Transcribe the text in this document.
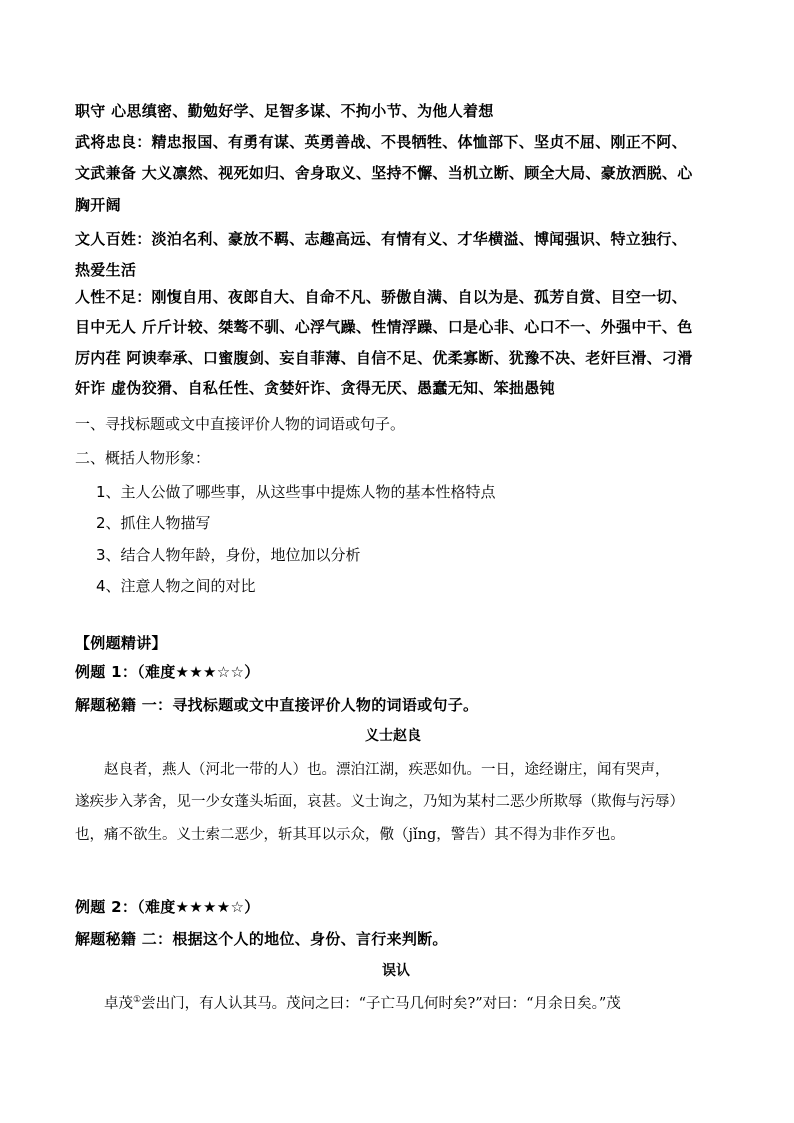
职守 心思缜密、勤勉好学、足智多谋、不拘小节、为他人着想
武将忠良：精忠报国、有勇有谋、英勇善战、不畏牺牲、体恤部下、坚贞不屈、刚正不阿、
文武兼备 大义凛然、视死如归、舍身取义、坚持不懈、当机立断、顾全大局、豪放洒脱、心
胸开阔
文人百姓：淡泊名利、豪放不羁、志趣高远、有情有义、才华横溢、博闻强识、特立独行、
热爱生活
人性不足：刚愎自用、夜郎自大、自命不凡、骄傲自满、自以为是、孤芳自赏、目空一切、
目中无人 斤斤计较、桀骜不驯、心浮气躁、性情浮躁、口是心非、心口不一、外强中干、色
厉内荏 阿谀奉承、口蜜腹剑、妄自菲薄、自信不足、优柔寡断、犹豫不决、老奸巨滑、刁滑
奸诈 虚伪狡猾、自私任性、贪婪奸诈、贪得无厌、愚蠢无知、笨拙愚钝
一、寻找标题或文中直接评价人物的词语或句子。
二、概括人物形象：
1、主人公做了哪些事，从这些事中提炼人物的基本性格特点
2、抓住人物描写
3、结合人物年龄，身份，地位加以分析
4、注意人物之间的对比
【例题精讲】
例题 1：（难度★★★☆☆）
解题秘籍 一：寻找标题或文中直接评价人物的词语或句子。
义士赵良
赵良者，燕人（河北一带的人）也。漂泊江湖，疾恶如仇。一日，途经谢庄，闻有哭声，
遂疾步入茅舍，见一少女蓬头垢面，哀甚。义士询之，乃知为某村二恶少所欺辱（欺侮与污辱）
也，痛不欲生。义士索二恶少，斩其耳以示众，儆（jǐng，警告）其不得为非作歹也。
例题 2：（难度★★★★☆）
解题秘籍 二：根据这个人的地位、身份、言行来判断。
误认
卓茂①尝出门，有人认其马。茂问之曰：“子亡马几何时矣?”对曰：“月余日矣。”茂
